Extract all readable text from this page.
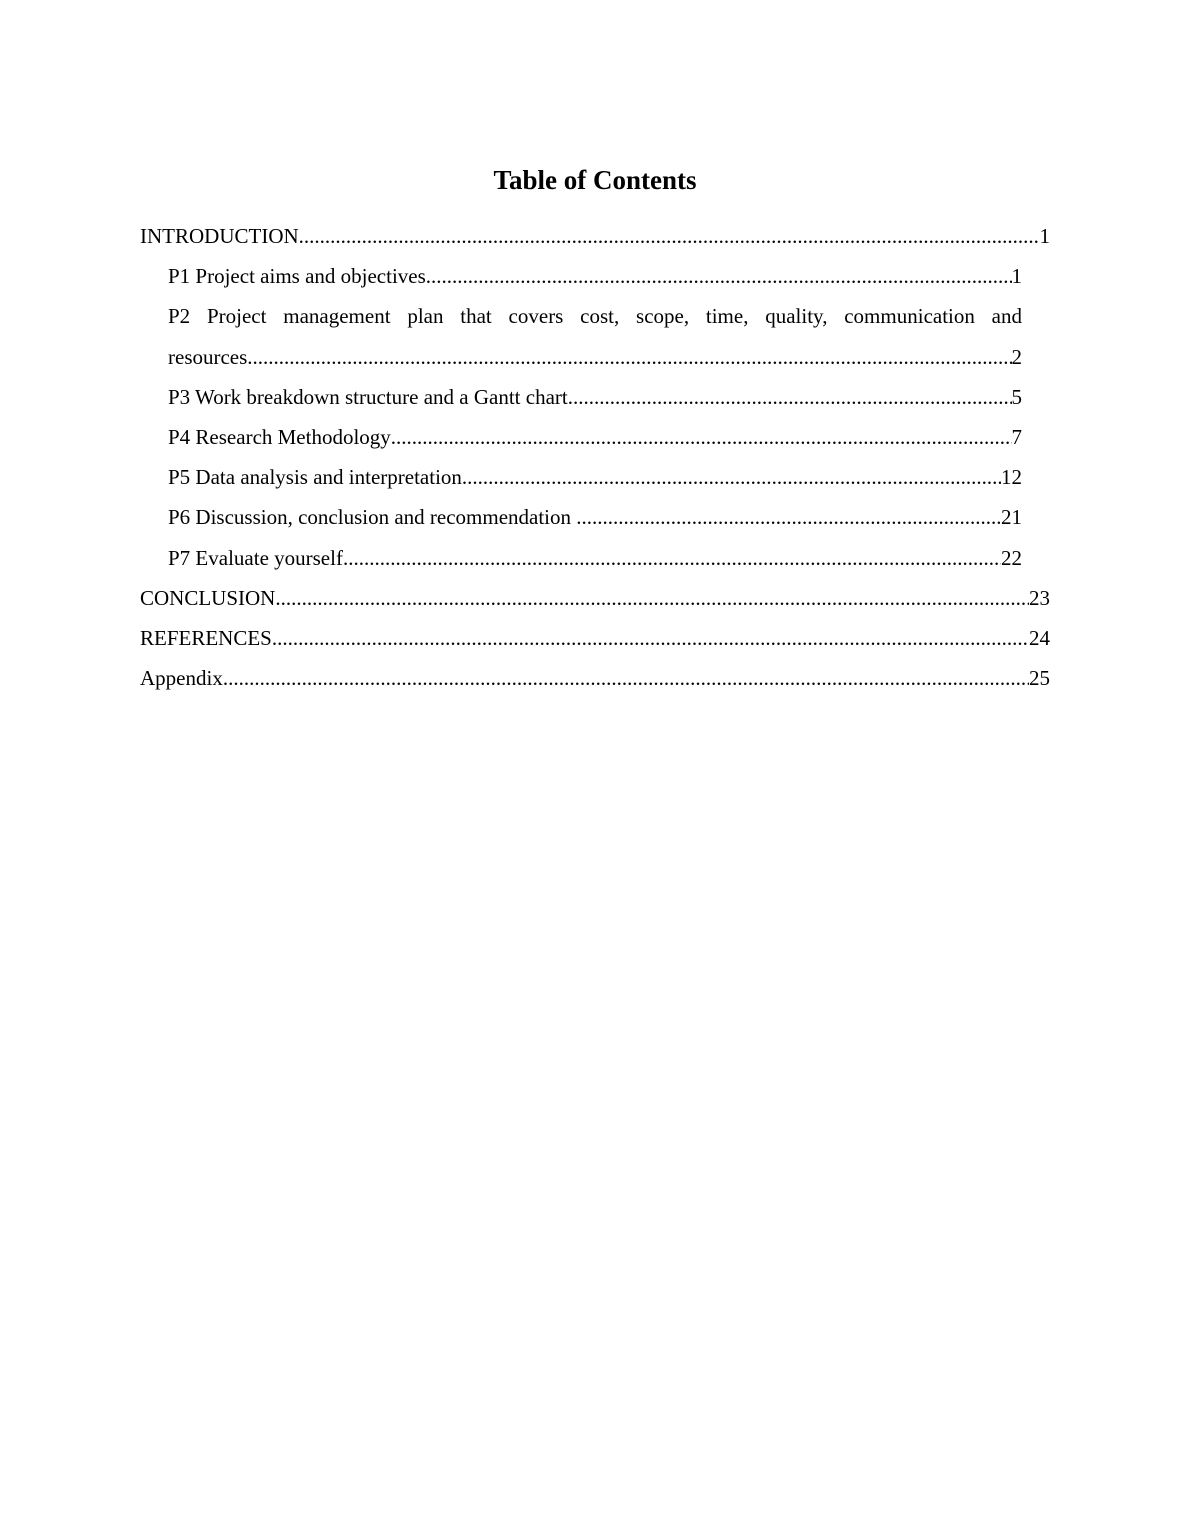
Table of Contents
INTRODUCTION .....	1
P1 Project aims and objectives .....	1
P2 Project management plan that covers cost, scope, time, quality, communication and
resources .....	2
P3 Work breakdown structure and a Gantt chart .....	5
P4 Research Methodology .....	7
P5 Data analysis and interpretation .....	12
P6 Discussion, conclusion and recommendation .....	21
P7 Evaluate yourself .....	22
CONCLUSION .....	23
REFERENCES .....	24
Appendix .....	25
